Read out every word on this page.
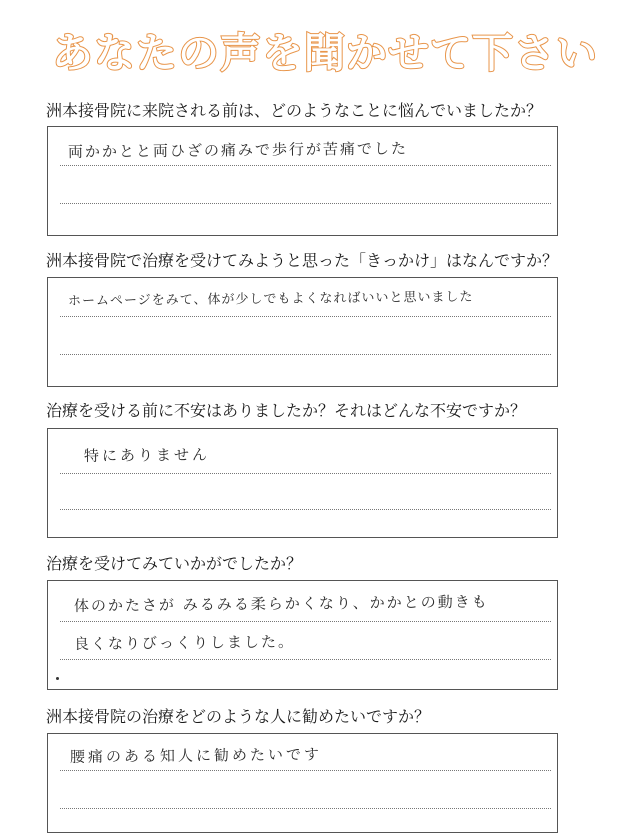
あなたの声を聞かせて下さい
洲本接骨院に来院される前は、どのようなことに悩んでいましたか？
両かかとと両ひざの痛みで歩行が苦痛でした
洲本接骨院で治療を受けてみようと思った「きっかけ」はなんですか？
ホームページをみて、体が少しでもよくなればいいと思いました
治療を受ける前に不安はありましたか？それはどんな不安ですか？
特にありません
治療を受けてみていかがでしたか？
体のかたさが みるみる柔らかくなり、かかとの動きも
良くなりびっくりしました。
洲本接骨院の治療をどのような人に勧めたいですか？
腰痛のある知人に勧めたいです
